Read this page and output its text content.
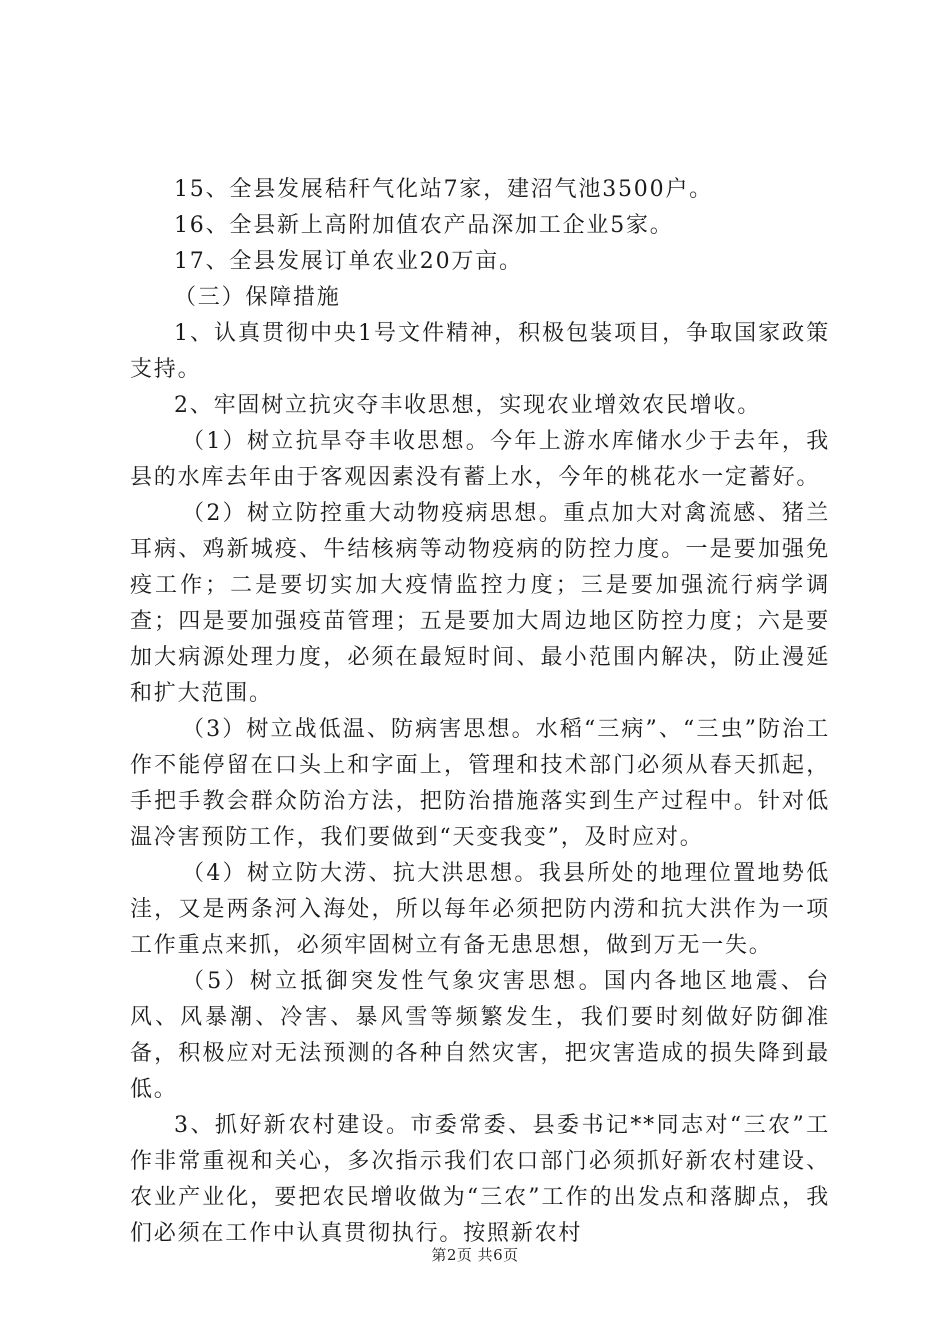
15、全县发展秸秆气化站7家，建沼气池3500户。

16、全县新上高附加值农产品深加工企业5家。

17、全县发展订单农业20万亩。

（三）保障措施

1、认真贯彻中央1号文件精神，积极包装项目，争取国家政策支持。

2、牢固树立抗灾夺丰收思想，实现农业增效农民增收。

（1）树立抗旱夺丰收思想。今年上游水库储水少于去年，我县的水库去年由于客观因素没有蓄上水，今年的桃花水一定蓄好。

（2）树立防控重大动物疫病思想。重点加大对禽流感、猪兰耳病、鸡新城疫、牛结核病等动物疫病的防控力度。一是要加强免疫工作；二是要切实加大疫情监控力度；三是要加强流行病学调查；四是要加强疫苗管理；五是要加大周边地区防控力度；六是要加大病源处理力度，必须在最短时间、最小范围内解决，防止漫延和扩大范围。

（3）树立战低温、防病害思想。水稻“三病”、“三虫”防治工作不能停留在口头上和字面上，管理和技术部门必须从春天抓起，手把手教会群众防治方法，把防治措施落实到生产过程中。针对低温冷害预防工作，我们要做到“天变我变”，及时应对。

（4）树立防大涝、抗大洪思想。我县所处的地理位置地势低洼，又是两条河入海处，所以每年必须把防内涝和抗大洪作为一项工作重点来抓，必须牢固树立有备无患思想，做到万无一失。

（5）树立抵御突发性气象灾害思想。国内各地区地震、台风、风暴潮、冷害、暴风雪等频繁发生，我们要时刻做好防御准备，积极应对无法预测的各种自然灾害，把灾害造成的损失降到最低。

3、抓好新农村建设。市委常委、县委书记**同志对“三农”工作非常重视和关心，多次指示我们农口部门必须抓好新农村建设、农业产业化，要把农民增收做为“三农”工作的出发点和落脚点，我们必须在工作中认真贯彻执行。按照新农村

第2页 共6页
